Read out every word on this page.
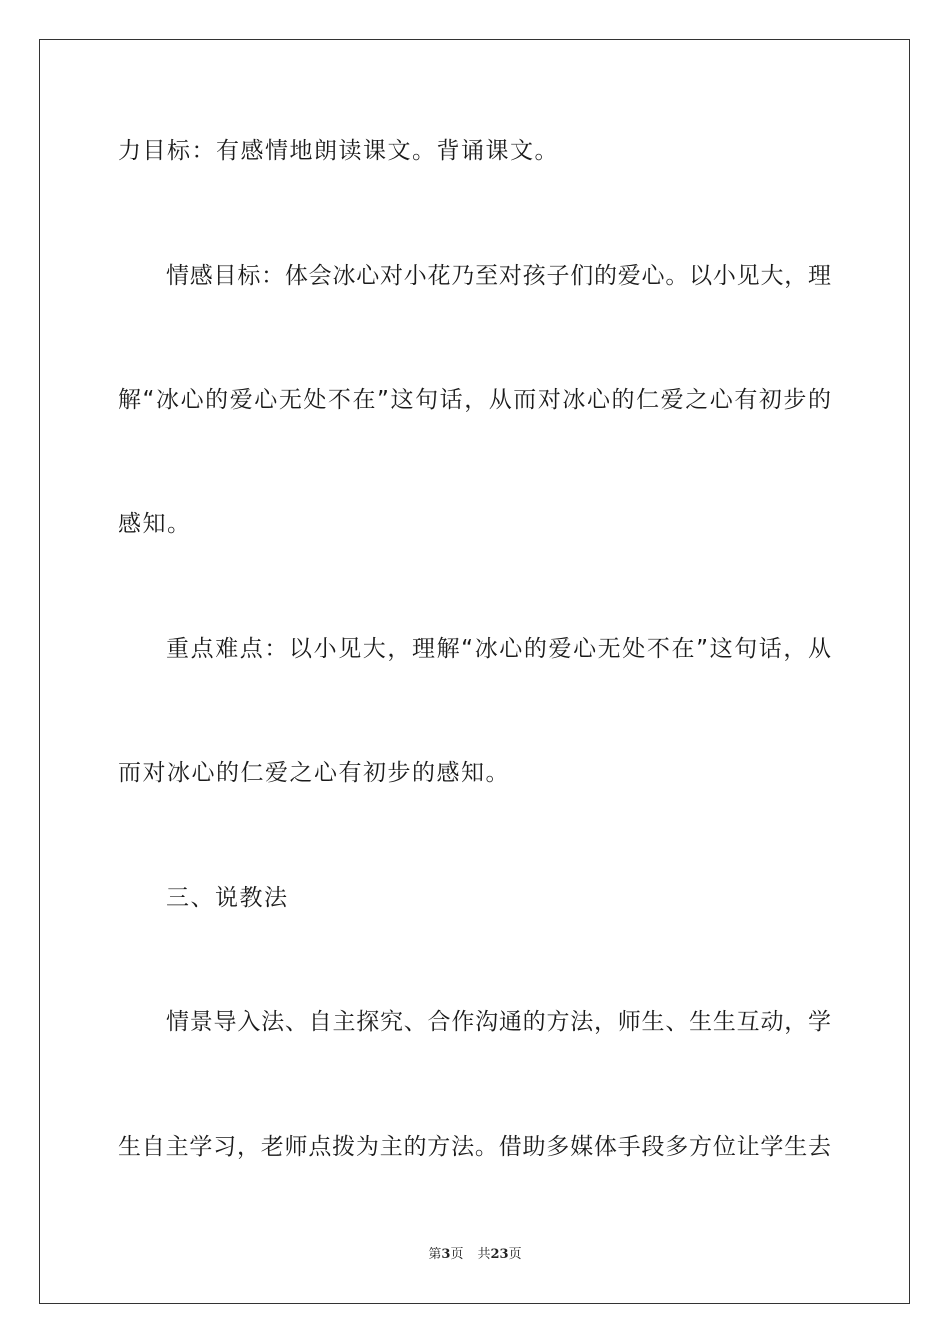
力目标：有感情地朗读课文。背诵课文。
情感目标：体会冰心对小花乃至对孩子们的爱心。以小见大，理
解“冰心的爱心无处不在”这句话，从而对冰心的仁爱之心有初步的
感知。
重点难点：以小见大，理解“冰心的爱心无处不在”这句话，从
而对冰心的仁爱之心有初步的感知。
三、说教法
情景导入法、自主探究、合作沟通的方法，师生、生生互动，学
生自主学习，老师点拨为主的方法。借助多媒体手段多方位让学生去
第3页 共23页
